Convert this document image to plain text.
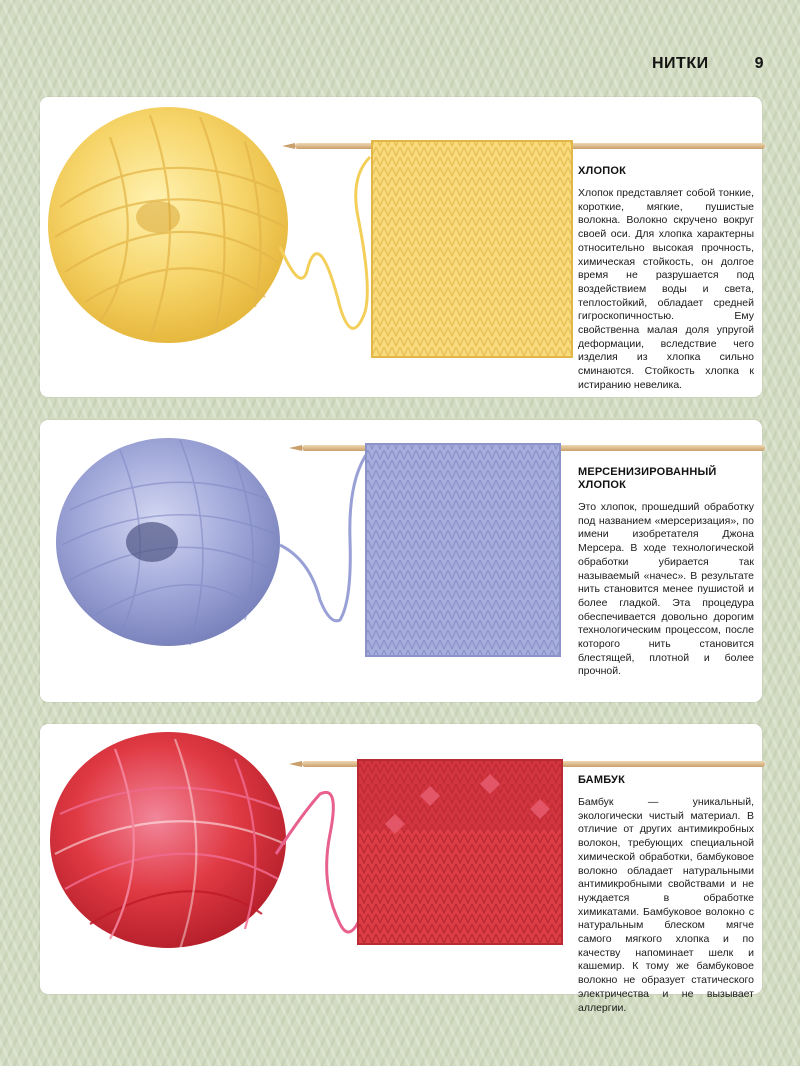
НИТКИ	9

ХЛОПОК

Хлопок представляет собой тонкие, короткие, мягкие, пушистые волокна. Волокно скручено вокруг своей оси. Для хлопка характерны относительно высокая прочность, химическая стойкость, он долгое время не разрушается под воздействием воды и света, теплостойкий, обладает средней гигроскопичностью. Ему свойственна малая доля упругой деформации, вследствие чего изделия из хлопка сильно сминаются. Стойкость хлопка к истиранию невелика.

МЕРСЕНИЗИРОВАННЫЙ ХЛОПОК

Это хлопок, прошедший обработку под названием «мерсеризация», по имени изобретателя Джона Мерсера. В ходе технологической обработки убирается так называемый «начес». В результате нить становится менее пушистой и более гладкой. Эта процедура обеспечивается довольно дорогим технологическим процессом, после которого нить становится блестящей, плотной и более прочной.

БАМБУК

Бамбук — уникальный, экологически чистый материал. В отличие от других антимикробных волокон, требующих специальной химической обработки, бамбуковое волокно обладает натуральными антимикробными свойствами и не нуждается в обработке химикатами. Бамбуковое волокно с натуральным блеском мягче самого мягкого хлопка и по качеству напоминает шелк и кашемир. К тому же бамбуковое волокно не образует статического электричества и не вызывает аллергии.
